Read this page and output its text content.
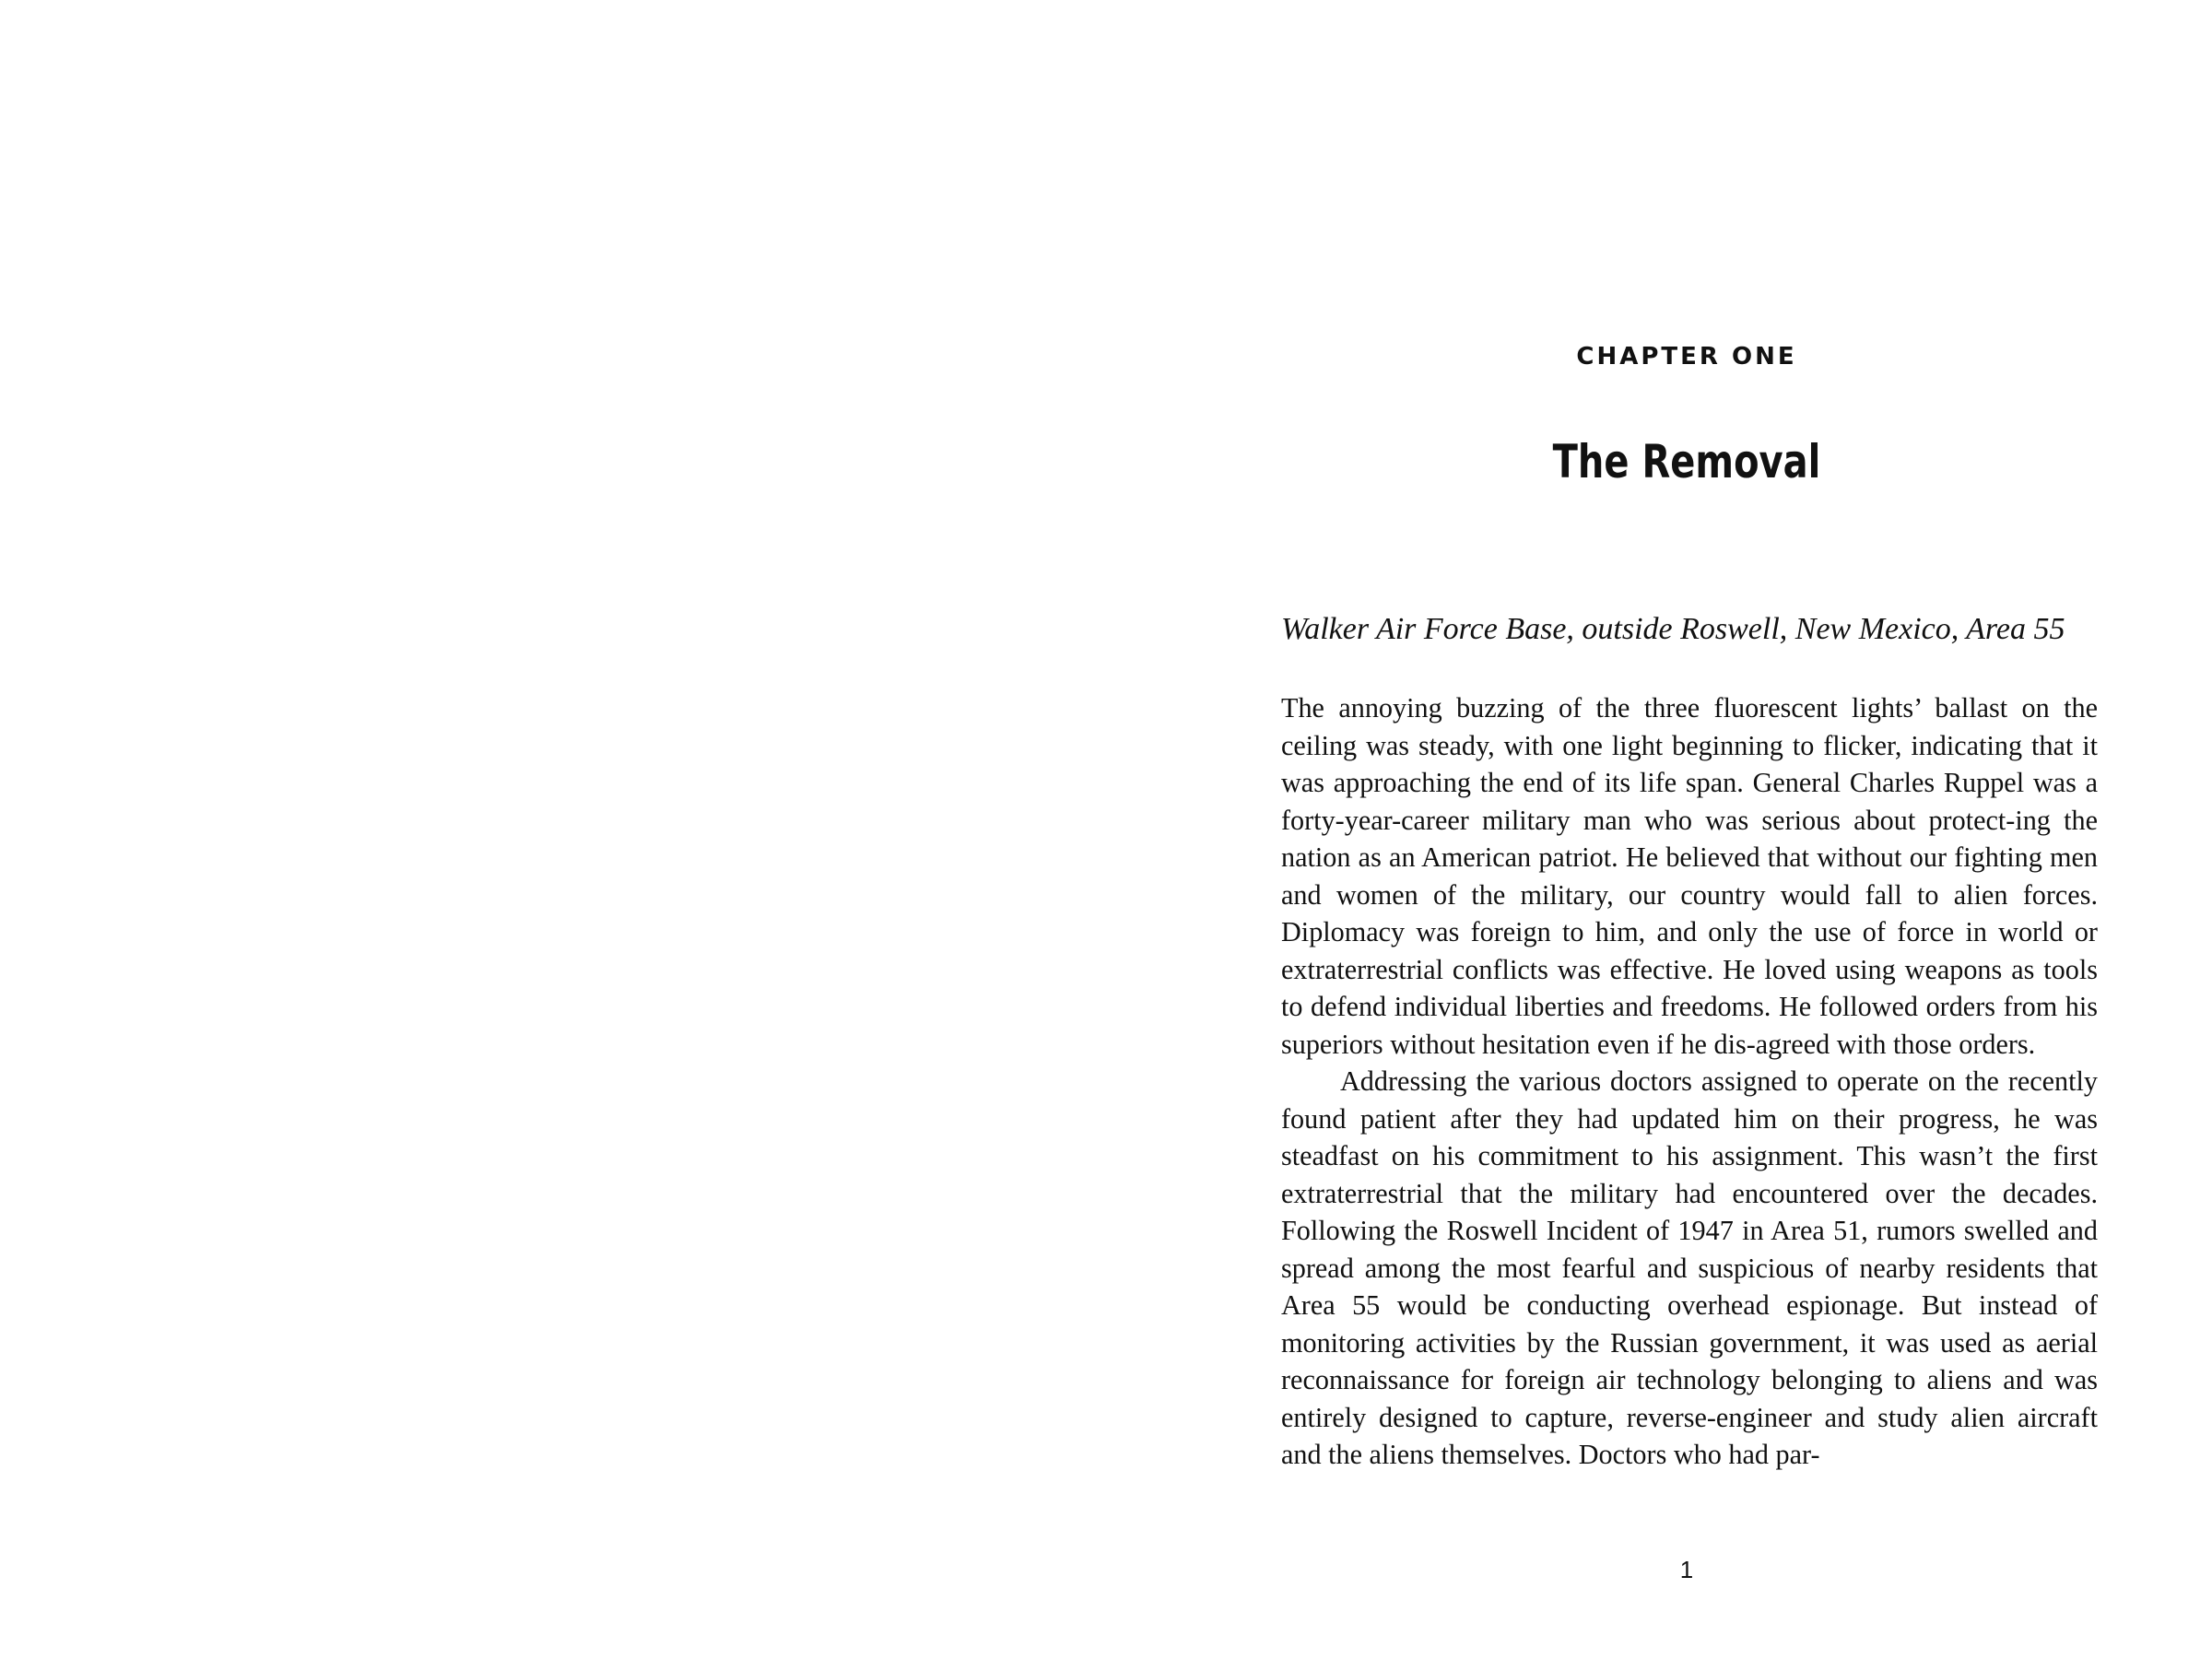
CHAPTER ONE
The Removal
Walker Air Force Base, outside Roswell, New Mexico, Area 55

The annoying buzzing of the three fluorescent lights’ ballast on the ceiling was steady, with one light beginning to flicker, indicating that it was approaching the end of its life span. General Charles Ruppel was a forty-year-career military man who was serious about protect-ing the nation as an American patriot. He believed that without our fighting men and women of the military, our country would fall to alien forces. Diplomacy was foreign to him, and only the use of force in world or extraterrestrial conflicts was effective. He loved using weapons as tools to defend individual liberties and freedoms. He followed orders from his superiors without hesitation even if he dis-agreed with those orders.

Addressing the various doctors assigned to operate on the recently found patient after they had updated him on their progress, he was steadfast on his commitment to his assignment. This wasn’t the first extraterrestrial that the military had encountered over the decades. Following the Roswell Incident of 1947 in Area 51, rumors swelled and spread among the most fearful and suspicious of nearby residents that Area 55 would be conducting overhead espionage. But instead of monitoring activities by the Russian government, it was used as aerial reconnaissance for foreign air technology belonging to aliens and was entirely designed to capture, reverse-engineer and study alien aircraft and the aliens themselves. Doctors who had par-

1
